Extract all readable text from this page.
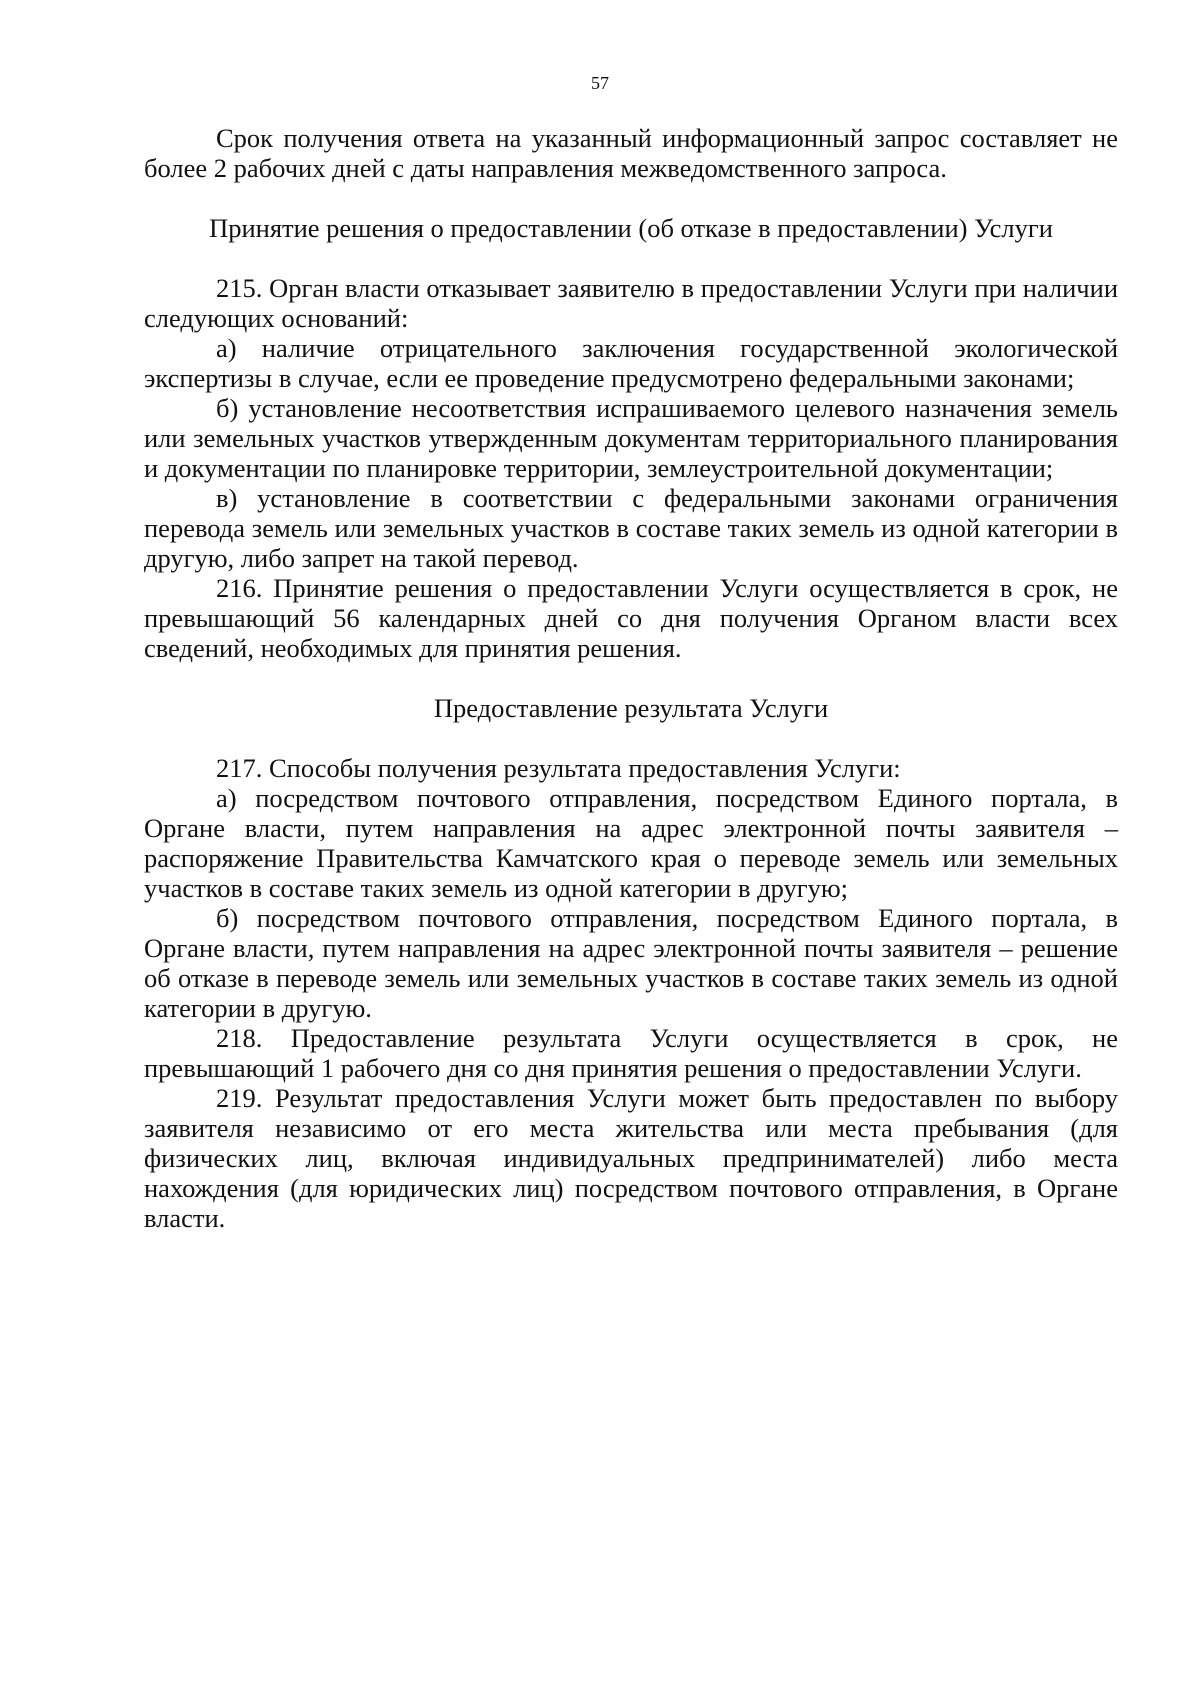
57

Срок получения ответа на указанный информационный запрос составляет не более 2 рабочих дней с даты направления межведомственного запроса.

Принятие решения о предоставлении (об отказе в предоставлении) Услуги

215. Орган власти отказывает заявителю в предоставлении Услуги при наличии следующих оснований:

а) наличие отрицательного заключения государственной экологической экспертизы в случае, если ее проведение предусмотрено федеральными законами;

б) установление несоответствия испрашиваемого целевого назначения земель или земельных участков утвержденным документам территориального планирования и документации по планировке территории, землеустроительной документации;

в) установление в соответствии с федеральными законами ограничения перевода земель или земельных участков в составе таких земель из одной категории в другую, либо запрет на такой перевод.

216. Принятие решения о предоставлении Услуги осуществляется в срок, не превышающий 56 календарных дней со дня получения Органом власти всех сведений, необходимых для принятия решения.

Предоставление результата Услуги

217. Способы получения результата предоставления Услуги:

а) посредством почтового отправления, посредством Единого портала, в Органе власти, путем направления на адрес электронной почты заявителя – распоряжение Правительства Камчатского края о переводе земель или земельных участков в составе таких земель из одной категории в другую;

б) посредством почтового отправления, посредством Единого портала, в Органе власти, путем направления на адрес электронной почты заявителя – решение об отказе в переводе земель или земельных участков в составе таких земель из одной категории в другую.

218. Предоставление результата Услуги осуществляется в срок, не превышающий 1 рабочего дня со дня принятия решения о предоставлении Услуги.

219. Результат предоставления Услуги может быть предоставлен по выбору заявителя независимо от его места жительства или места пребывания (для физических лиц, включая индивидуальных предпринимателей) либо места нахождения (для юридических лиц) посредством почтового отправления, в Органе власти.
